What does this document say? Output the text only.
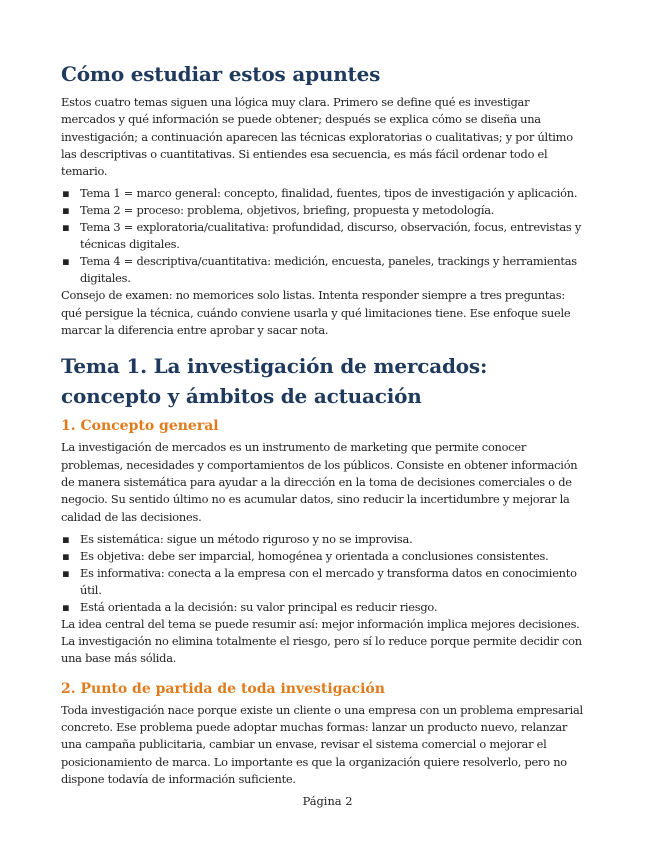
Cómo estudiar estos apuntes

Estos cuatro temas siguen una lógica muy clara. Primero se define qué es investigar mercados y qué información se puede obtener; después se explica cómo se diseña una investigación; a continuación aparecen las técnicas exploratorias o cualitativas; y por último las descriptivas o cuantitativas. Si entiendes esa secuencia, es más fácil ordenar todo el temario.

▪ Tema 1 = marco general: concepto, finalidad, fuentes, tipos de investigación y aplicación.
▪ Tema 2 = proceso: problema, objetivos, briefing, propuesta y metodología.
▪ Tema 3 = exploratoria/cualitativa: profundidad, discurso, observación, focus, entrevistas y técnicas digitales.
▪ Tema 4 = descriptiva/cuantitativa: medición, encuesta, paneles, trackings y herramientas digitales.

Consejo de examen: no memorices solo listas. Intenta responder siempre a tres preguntas: qué persigue la técnica, cuándo conviene usarla y qué limitaciones tiene. Ese enfoque suele marcar la diferencia entre aprobar y sacar nota.

Tema 1. La investigación de mercados: concepto y ámbitos de actuación
1. Concepto general

La investigación de mercados es un instrumento de marketing que permite conocer problemas, necesidades y comportamientos de los públicos. Consiste en obtener información de manera sistemática para ayudar a la dirección en la toma de decisiones comerciales o de negocio. Su sentido último no es acumular datos, sino reducir la incertidumbre y mejorar la calidad de las decisiones.

▪ Es sistemática: sigue un método riguroso y no se improvisa.
▪ Es objetiva: debe ser imparcial, homogénea y orientada a conclusiones consistentes.
▪ Es informativa: conecta a la empresa con el mercado y transforma datos en conocimiento útil.
▪ Está orientada a la decisión: su valor principal es reducir riesgo.

La idea central del tema se puede resumir así: mejor información implica mejores decisiones. La investigación no elimina totalmente el riesgo, pero sí lo reduce porque permite decidir con una base más sólida.

2. Punto de partida de toda investigación

Toda investigación nace porque existe un cliente o una empresa con un problema empresarial concreto. Ese problema puede adoptar muchas formas: lanzar un producto nuevo, relanzar una campaña publicitaria, cambiar un envase, revisar el sistema comercial o mejorar el posicionamiento de marca. Lo importante es que la organización quiere resolverlo, pero no dispone todavía de información suficiente.

Página 2
